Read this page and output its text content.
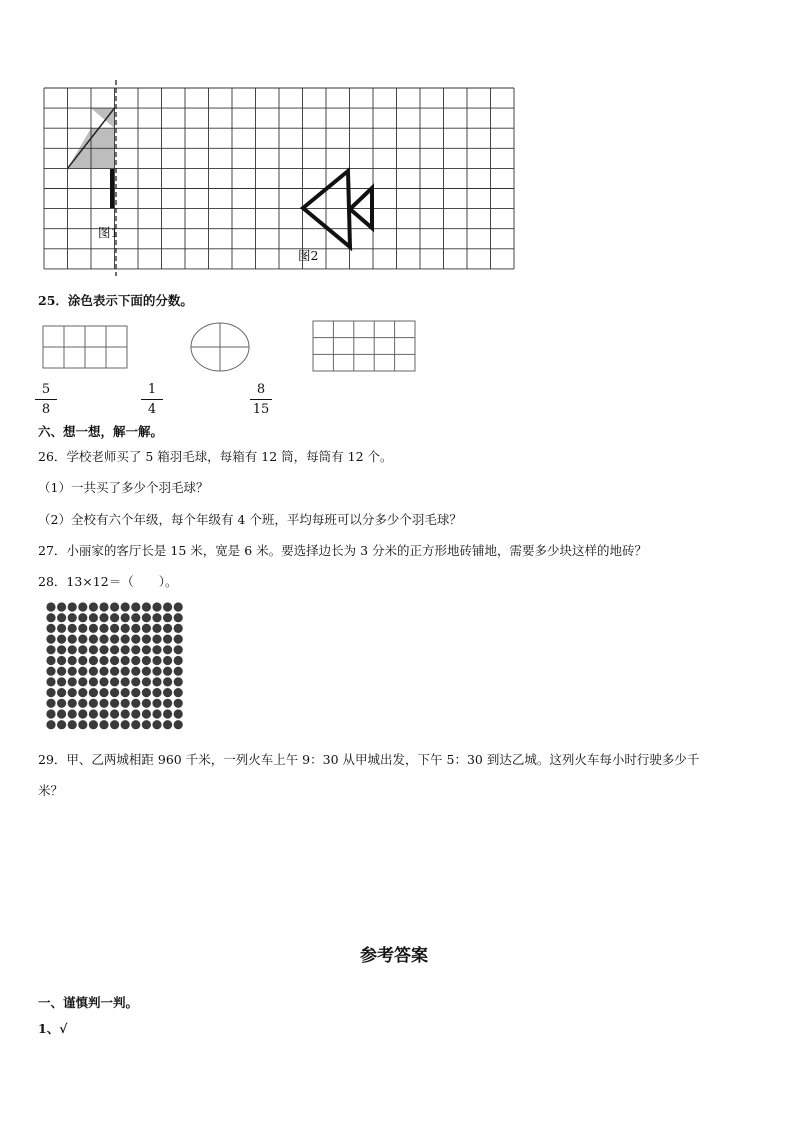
图1
图2
25．涂色表示下面的分数。
5
8
1
4
8
15
六、想一想，解一解。
26．学校老师买了 5 箱羽毛球，每箱有 12 筒，每筒有 12 个。
（1）一共买了多少个羽毛球？
（2）全校有六个年级，每个年级有 4 个班，平均每班可以分多少个羽毛球？
27．小丽家的客厅长是 15 米，宽是 6 米。要选择边长为 3 分米的正方形地砖铺地，需要多少块这样的地砖？
28．13×12＝（　　）。
29．甲、乙两城相距 960 千米，一列火车上午 9：30 从甲城出发，下午 5：30 到达乙城。这列火车每小时行驶多少千
米？
参考答案
一、谨慎判一判。
1、√
